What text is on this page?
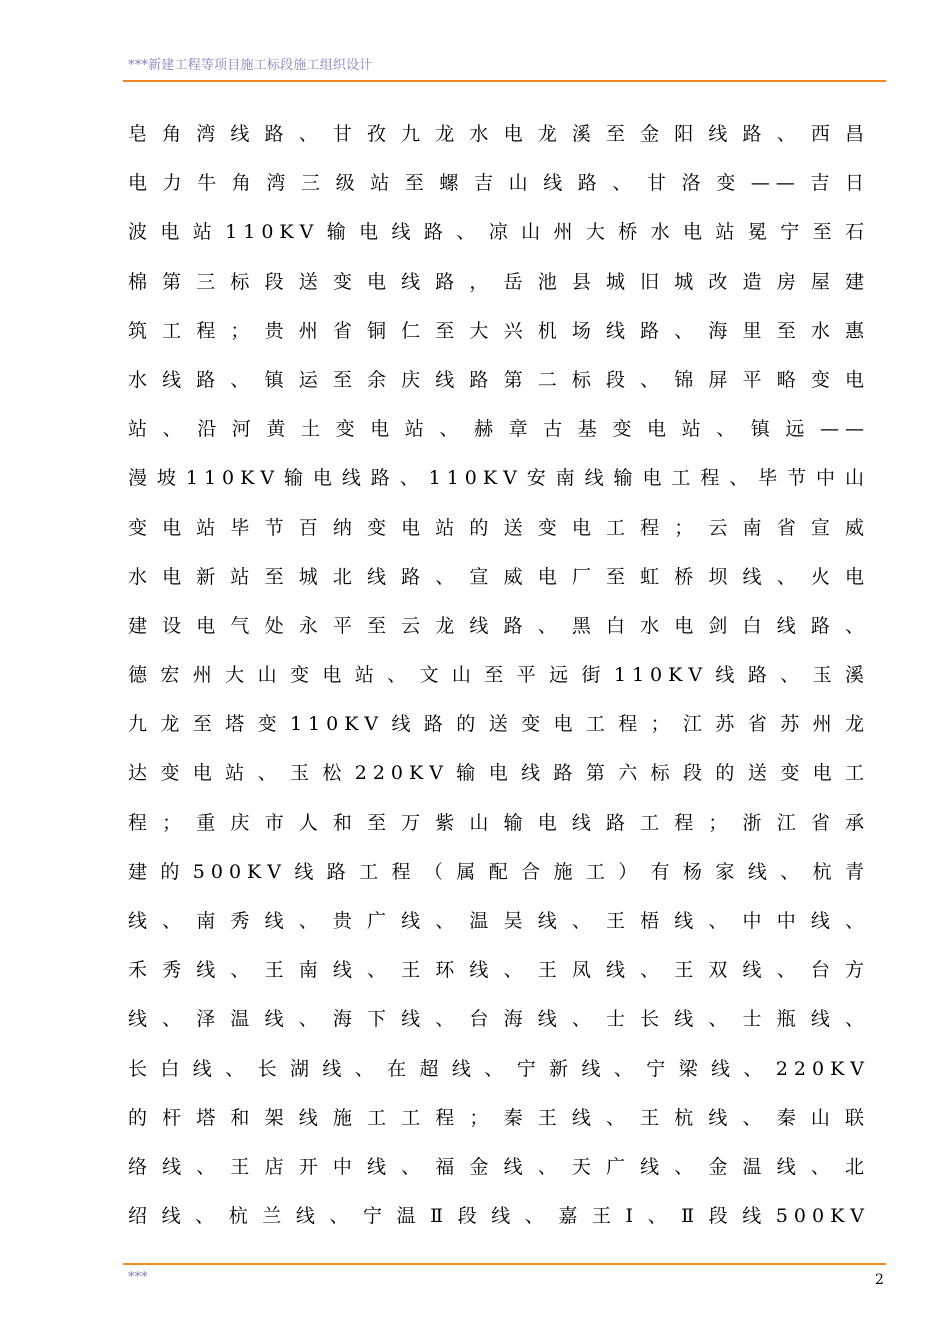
***新建工程等项目施工标段施工组织设计
皂角湾线路、甘孜九龙水电龙溪至金阳线路、西昌
电力牛角湾三级站至螺吉山线路、甘洛变——吉日
波电站110KV输电线路、凉山州大桥水电站冕宁至石
棉第三标段送变电线路，岳池县城旧城改造房屋建
筑工程；贵州省铜仁至大兴机场线路、海里至水惠
水线路、镇运至余庆线路第二标段、锦屏平略变电
站、沿河黄土变电站、赫章古基变电站、镇远——
漫坡110KV输电线路、110KV安南线输电工程、毕节中山
变电站毕节百纳变电站的送变电工程；云南省宣威
水电新站至城北线路、宣威电厂至虹桥坝线、火电
建设电气处永平至云龙线路、黑白水电剑白线路、
德宏州大山变电站、文山至平远街110KV线路、玉溪
九龙至塔变110KV线路的送变电工程；江苏省苏州龙
达变电站、玉松220KV输电线路第六标段的送变电工
程；重庆市人和至万紫山输电线路工程；浙江省承
建的500KV线路工程（属配合施工）有杨家线、杭青
线、南秀线、贵广线、温吴线、王梧线、中中线、
禾秀线、王南线、王环线、王凤线、王双线、台方
线、泽温线、海下线、台海线、士长线、士瓶线、
长白线、长湖线、在超线、宁新线、宁梁线、220KV
的杆塔和架线施工工程；秦王线、王杭线、秦山联
络线、王店开中线、福金线、天广线、金温线、北
绍线、杭兰线、宁温Ⅱ段线、嘉王Ⅰ、Ⅱ段线500KV
***	2
